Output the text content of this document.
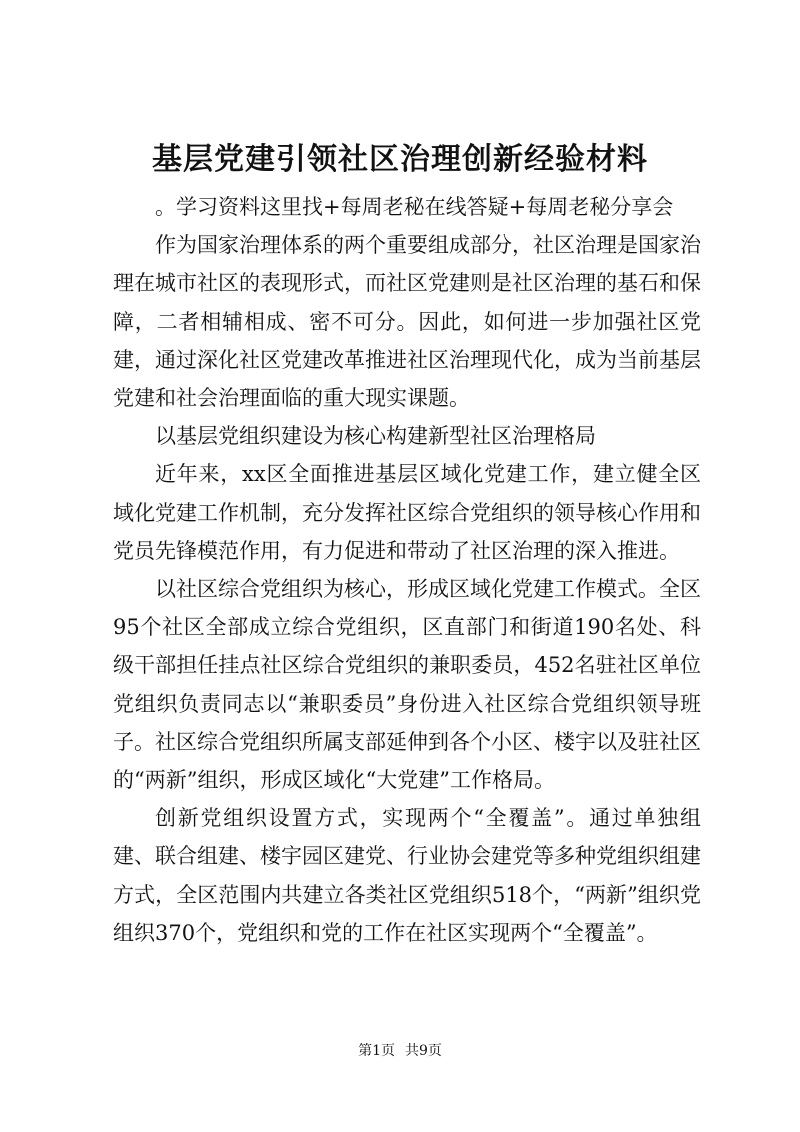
基层党建引领社区治理创新经验材料

。学习资料这里找+每周老秘在线答疑+每周老秘分享会

作为国家治理体系的两个重要组成部分，社区治理是国家治理在城市社区的表现形式，而社区党建则是社区治理的基石和保障，二者相辅相成、密不可分。因此，如何进一步加强社区党建，通过深化社区党建改革推进社区治理现代化，成为当前基层党建和社会治理面临的重大现实课题。

以基层党组织建设为核心构建新型社区治理格局

近年来，xx区全面推进基层区域化党建工作，建立健全区域化党建工作机制，充分发挥社区综合党组织的领导核心作用和党员先锋模范作用，有力促进和带动了社区治理的深入推进。

以社区综合党组织为核心，形成区域化党建工作模式。全区95个社区全部成立综合党组织，区直部门和街道190名处、科级干部担任挂点社区综合党组织的兼职委员，452名驻社区单位党组织负责同志以“兼职委员”身份进入社区综合党组织领导班子。社区综合党组织所属支部延伸到各个小区、楼宇以及驻社区的“两新”组织，形成区域化“大党建”工作格局。

创新党组织设置方式，实现两个“全覆盖”。通过单独组建、联合组建、楼宇园区建党、行业协会建党等多种党组织组建方式，全区范围内共建立各类社区党组织518个，“两新”组织党组织370个，党组织和党的工作在社区实现两个“全覆盖”。

第1页 共9页
